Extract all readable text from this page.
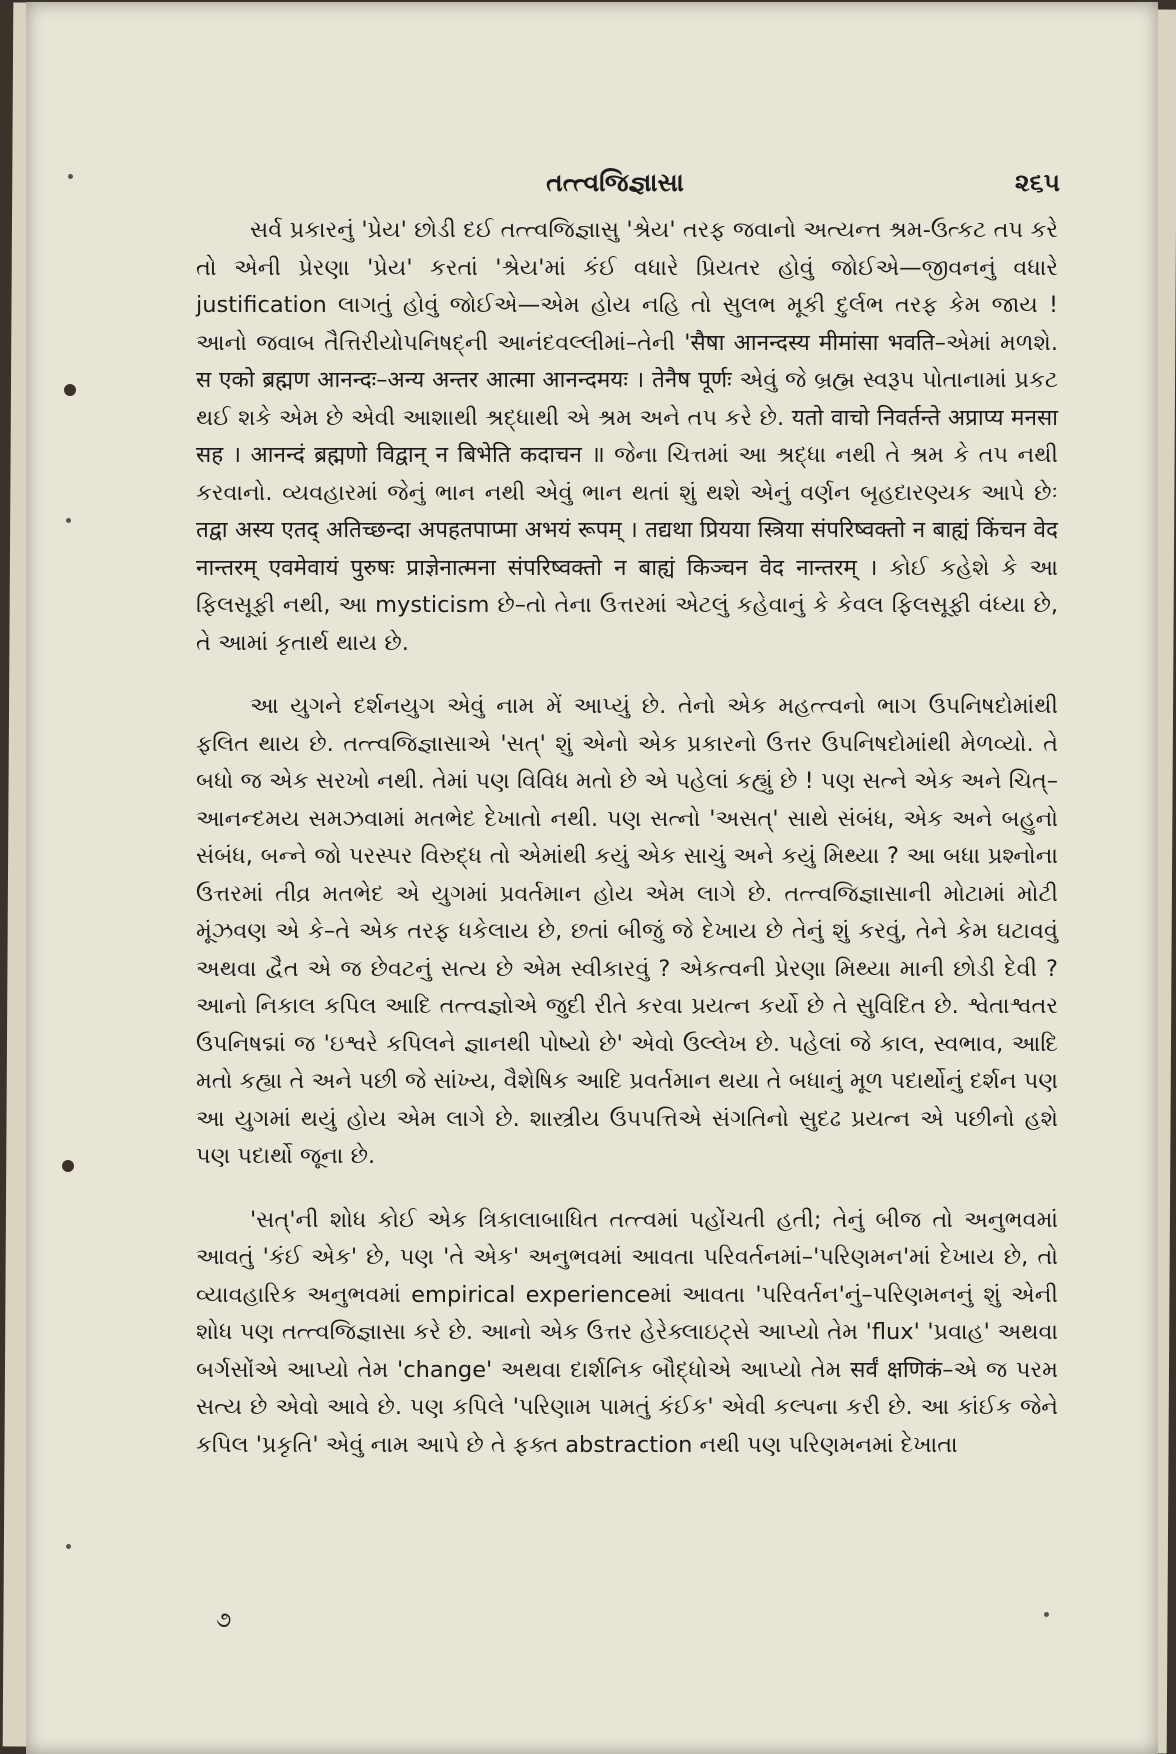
તત્ત્વજિજ્ઞાસા	૨૬૫

સર્વ પ્રકારનું 'પ્રેય' છોડી દઈ તત્ત્વજિજ્ઞાસુ 'શ્રેય' તરફ જવાનો અત્યન્ત શ્રમ-ઉત્કટ તપ કરે તો એની પ્રેરણા 'પ્રેય' કરતાં 'શ્રેય'માં કંઈ વધારે પ્રિયતર હોવું જોઈએ—જીવનનું વધારે justification લાગતું હોવું જોઈએ—એમ હોય નહિ તો સુલભ મૂકી દુર્લભ તરફ કેમ જાય ! આનો જવાબ તૈત્તિરીયોપનિષદ્ની આનંદવલ્લીમાં–તેની 'सैषा आनन्दस्य मीमांसा भवति–એમાં મળશે. स एको ब्रह्मण आनन्दः–अन्य अन्तर आत्मा आनन्दमयः । तेनैष पूर्णः એવું જે બ્રહ્મ સ્વરૂપ પોતાનામાં પ્રકટ થઈ શકે એમ છે એવી આશાથી શ્રદ્ધાથી એ શ્રમ અને તપ કરે છે. यतो वाचो निवर्तन्ते अप्राप्य मनसा सह । आनन्दं ब्रह्मणो विद्वान् न बिभेति कदाचन ॥ જેના ચિત્તમાં આ શ્રદ્ધા નથી તે શ્રમ કે તપ નથી કરવાનો. વ્યવહારમાં જેનું ભાન નથી એવું ભાન થતાં શું થશે એનું વર્ણન બૃહદારણ્યક આપે છેઃ तद्वा अस्य एतद् अतिच्छन्दा अपहतपाप्मा अभयं रूपम् । तद्यथा प्रियया स्त्रिया संपरिष्वक्तो न बाह्यं किंचन वेद नान्तरम् एवमेवायं पुरुषः प्राज्ञेनात्मना संपरिष्वक्तो न बाह्यं किञ्चन वेद नान्तरम् । કોઈ કહેશે કે આ ફિલસૂફી નથી, આ mysticism છે–તો તેના ઉત્તરમાં એટલું કહેવાનું કે કેવલ ફિલસૂફી વંધ્યા છે, તે આમાં કૃતાર્થ થાય છે.

આ યુગને દર્શનયુગ એવું નામ મેં આપ્યું છે. તેનો એક મહત્ત્વનો ભાગ ઉપનિષદોમાંથી ફલિત થાય છે. તત્ત્વજિજ્ઞાસાએ 'સત્' શું એનો એક પ્રકારનો ઉત્તર ઉપનિષદોમાંથી મેળવ્યો. તે બધો જ એક સરખો નથી. તેમાં પણ વિવિધ મતો છે એ પહેલાં કહ્યું છે ! પણ સત્ને એક અને ચિત્–આનન્દમય સમઝવામાં મતભેદ દેખાતો નથી. પણ સત્નો 'અસત્' સાથે સંબંધ, એક અને બહુનો સંબંધ, બન્ને જો પરસ્પર વિરુદ્ધ તો એમાંથી કયું એક સાચું અને કયું મિથ્યા ? આ બધા પ્રશ્નોના ઉત્તરમાં તીવ્ર મતભેદ એ યુગમાં પ્રવર્તમાન હોય એમ લાગે છે. તત્ત્વજિજ્ઞાસાની મોટામાં મોટી મૂંઝવણ એ કે–તે એક તરફ ધકેલાય છે, છતાં બીજું જે દેખાય છે તેનું શું કરવું, તેને કેમ ઘટાવવું અથવા દ્વૈત એ જ છેવટનું સત્ય છે એમ સ્વીકારવું ? એકત્વની પ્રેરણા મિથ્યા માની છોડી દેવી ? આનો નિકાલ કપિલ આદિ તત્ત્વજ્ઞોએ જુદી રીતે કરવા પ્રયત્ન કર્યો છે તે સુવિદિત છે. શ્વેતાશ્વતર ઉપનિષદ્માં જ 'ઇશ્વરે કપિલને જ્ઞાનથી પોષ્યો છે' એવો ઉલ્લેખ છે. પહેલાં જે કાલ, સ્વભાવ, આદિ મતો કહ્યા તે અને પછી જે સાંખ્ય, વૈશેષિક આદિ પ્રવર્તમાન થયા તે બધાનું મૂળ પદાર્થોનું દર્શન પણ આ યુગમાં થયું હોય એમ લાગે છે. શાસ્ત્રીય ઉપપત્તિએ સંગતિનો સુદઢ પ્રયત્ન એ પછીનો હશે પણ પદાર્થો જૂના છે.

'સત્'ની શોધ કોઈ એક ત્રિકાલાબાધિત તત્ત્વમાં પહોંચતી હતી; તેનું બીજ તો અનુભવમાં આવતું 'કંઈ એક' છે, પણ 'તે એક' અનુભવમાં આવતા પરિવર્તનમાં–'પરિણમન'માં દેખાય છે, તો વ્યાવહારિક અનુભવમાં empirical experienceમાં આવતા 'પરિવર્તન'નું–પરિણમનનું શું એની શોધ પણ તત્ત્વજિજ્ઞાસા કરે છે. આનો એક ઉત્તર હેરેક્લાઇટ્સે આપ્યો તેમ 'flux' 'પ્રવાહ' અથવા બર્ગસોંએ આપ્યો તેમ 'change' અથવા દાર્શનિક બૌદ્ધોએ આપ્યો તેમ सर्वं क्षणिकं–એ જ પરમ સત્ય છે એવો આવે છે. પણ કપિલે 'પરિણામ પામતું કંઈક' એવી કલ્પના કરી છે. આ કાંઈક જેને કપિલ 'પ્રકૃતિ' એવું નામ આપે છે તે ફક્ત abstraction નથી પણ પરિણમનમાં દેખાતા

૭
